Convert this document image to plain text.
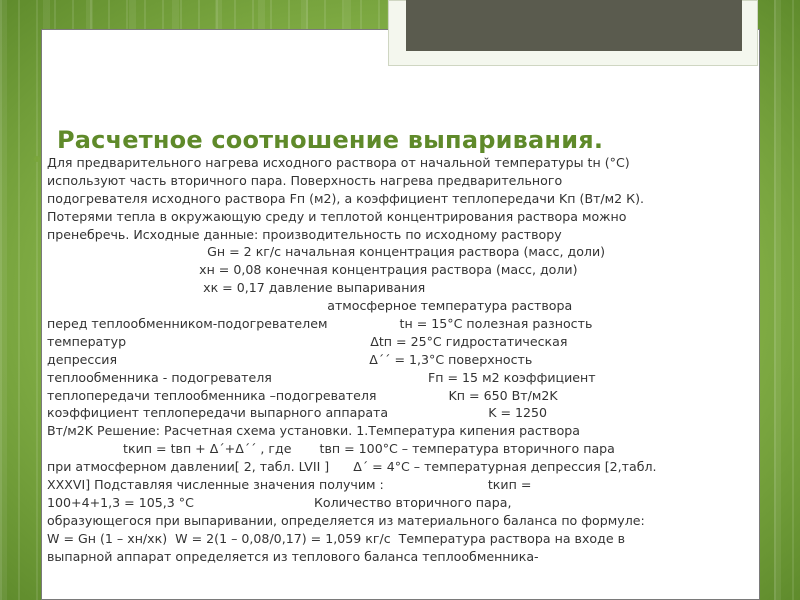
Расчетное соотношение выпаривания.
Для предварительного нагрева исходного раствора от начальной температуры tн (°C)
используют часть вторичного пара. Поверхность нагрева предварительного
подогревателя исходного раствора Fп (м2), а коэффициент теплопередачи Kп (Вт/м2 К).
Потерями тепла в окружающую среду и теплотой концентрирования раствора можно
пренебречь. Исходные данные: производительность по исходному раствору
Gн = 2 кг/с начальная концентрация раствора (масс, доли)
хн = 0,08 конечная концентрация раствора (масс, доли)
хк = 0,17 давление выпаривания
атмосферное температура раствора
перед теплообменником-подогревателем                  tн = 15°C полезная разность
температур                                                             Δtп = 25°C гидростатическая
депрессия                                                               Δ´´ = 1,3°C поверхность
теплообменника - подогревателя                                       Fп = 15 м2 коэффициент
теплопередачи теплообменника –подогревателя                  Kп = 650 Вт/м2K
коэффициент теплопередачи выпарного аппарата                         K = 1250
Вт/м2K Решение: Расчетная схема установки. 1.Температура кипения раствора
tкип = tвп + Δ´+Δ´´ , где       tвп = 100°C – температура вторичного пара
при атмосферном давлении[ 2, табл. LVII ]      Δ´ = 4°C – температурная депрессия [2,табл.
XXXVI] Подставляя численные значения получим :                          tкип =
100+4+1,3 = 105,3 °C                              Количество вторичного пара,
образующегося при выпаривании, определяется из материального баланса по формуле:
W = Gн (1 – хн/хк)  W = 2(1 – 0,08/0,17) = 1,059 кг/с  Температура раствора на входе в
выпарной аппарат определяется из теплового баланса теплообменника-
